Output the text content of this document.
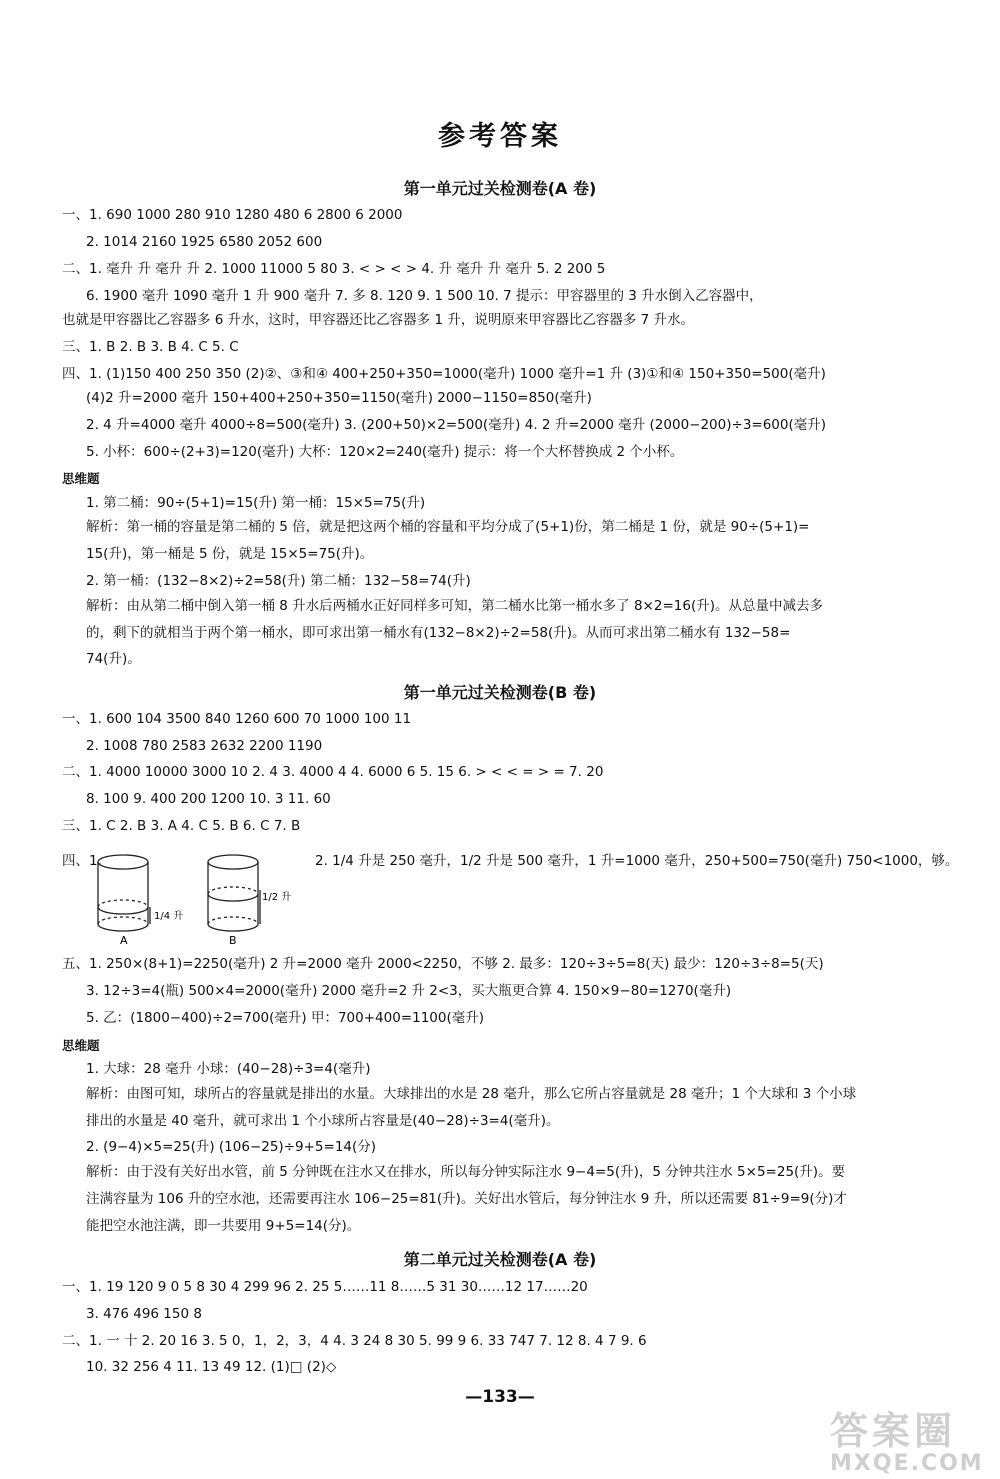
参考答案
第一单元过关检测卷(A 卷)
一、1. 690 1000 280 910 1280 480 6 2800 6 2000
2. 1014 2160 1925 6580 2052 600
二、1. 毫升 升 毫升 升 2. 1000 11000 5 80 3. < > < > 4. 升 毫升 升 毫升 5. 2 200 5
6. 1900 毫升 1090 毫升 1 升 900 毫升 7. 多 8. 120 9. 1 500 10. 7 提示：甲容器里的 3 升水倒入乙容器中，
也就是甲容器比乙容器多 6 升水，这时，甲容器还比乙容器多 1 升，说明原来甲容器比乙容器多 7 升水。
三、1. B 2. B 3. B 4. C 5. C
四、1. (1)150 400 250 350 (2)②、③和④ 400+250+350=1000(毫升) 1000 毫升=1 升 (3)①和④ 150+350=500(毫升)
(4)2 升=2000 毫升 150+400+250+350=1150(毫升) 2000−1150=850(毫升)
2. 4 升=4000 毫升 4000÷8=500(毫升) 3. (200+50)×2=500(毫升) 4. 2 升=2000 毫升 (2000−200)÷3=600(毫升)
5. 小杯：600÷(2+3)=120(毫升) 大杯：120×2=240(毫升) 提示：将一个大杯替换成 2 个小杯。
思维题
1. 第二桶：90÷(5+1)=15(升) 第一桶：15×5=75(升)
解析：第一桶的容量是第二桶的 5 倍，就是把这两个桶的容量和平均分成了(5+1)份，第二桶是 1 份，就是 90÷(5+1)=
15(升)，第一桶是 5 份，就是 15×5=75(升)。
2. 第一桶：(132−8×2)÷2=58(升) 第二桶：132−58=74(升)
解析：由从第二桶中倒入第一桶 8 升水后两桶水正好同样多可知，第二桶水比第一桶水多了 8×2=16(升)。从总量中减去多
的，剩下的就相当于两个第一桶水，即可求出第一桶水有(132−8×2)÷2=58(升)。从而可求出第二桶水有 132−58=
74(升)。
第一单元过关检测卷(B 卷)
一、1. 600 104 3500 840 1260 600 70 1000 100 11
2. 1008 780 2583 2632 2200 1190
二、1. 4000 10000 3000 10 2. 4 3. 4000 4 4. 6000 6 5. 15 6. > < < = > = 7. 20
8. 100 9. 400 200 1200 10. 3 11. 60
三、1. C 2. B 3. A 4. C 5. B 6. C 7. B
四、1.	2. 1/4 升是 250 毫升，1/2 升是 500 毫升，1 升=1000 毫升，250+500=750(毫升) 750<1000，够。
1/4 升
1/2 升
A	B
五、1. 250×(8+1)=2250(毫升) 2 升=2000 毫升 2000<2250，不够 2. 最多：120÷3÷5=8(天) 最少：120÷3÷8=5(天)
3. 12÷3=4(瓶) 500×4=2000(毫升) 2000 毫升=2 升 2<3，买大瓶更合算 4. 150×9−80=1270(毫升)
5. 乙：(1800−400)÷2=700(毫升) 甲：700+400=1100(毫升)
思维题
1. 大球：28 毫升 小球：(40−28)÷3=4(毫升)
解析：由图可知，球所占的容量就是排出的水量。大球排出的水是 28 毫升，那么它所占容量就是 28 毫升；1 个大球和 3 个小球
排出的水量是 40 毫升，就可求出 1 个小球所占容量是(40−28)÷3=4(毫升)。
2. (9−4)×5=25(升) (106−25)÷9+5=14(分)
解析：由于没有关好出水管，前 5 分钟既在注水又在排水，所以每分钟实际注水 9−4=5(升)，5 分钟共注水 5×5=25(升)。要
注满容量为 106 升的空水池，还需要再注水 106−25=81(升)。关好出水管后，每分钟注水 9 升，所以还需要 81÷9=9(分)才
能把空水池注满，即一共要用 9+5=14(分)。
第二单元过关检测卷(A 卷)
一、1. 19 120 9 0 5 8 30 4 299 96 2. 25 5……11 8……5 31 30……12 17……20
3. 476 496 150 8
二、1. 一 十 2. 20 16 3. 5 0，1，2，3，4 4. 3 24 8 30 5. 99 9 6. 33 747 7. 12 8. 4 7 9. 6
10. 32 256 4 11. 13 49 12. (1)□ (2)◇
—133—
答案圈
MXQE.COM
